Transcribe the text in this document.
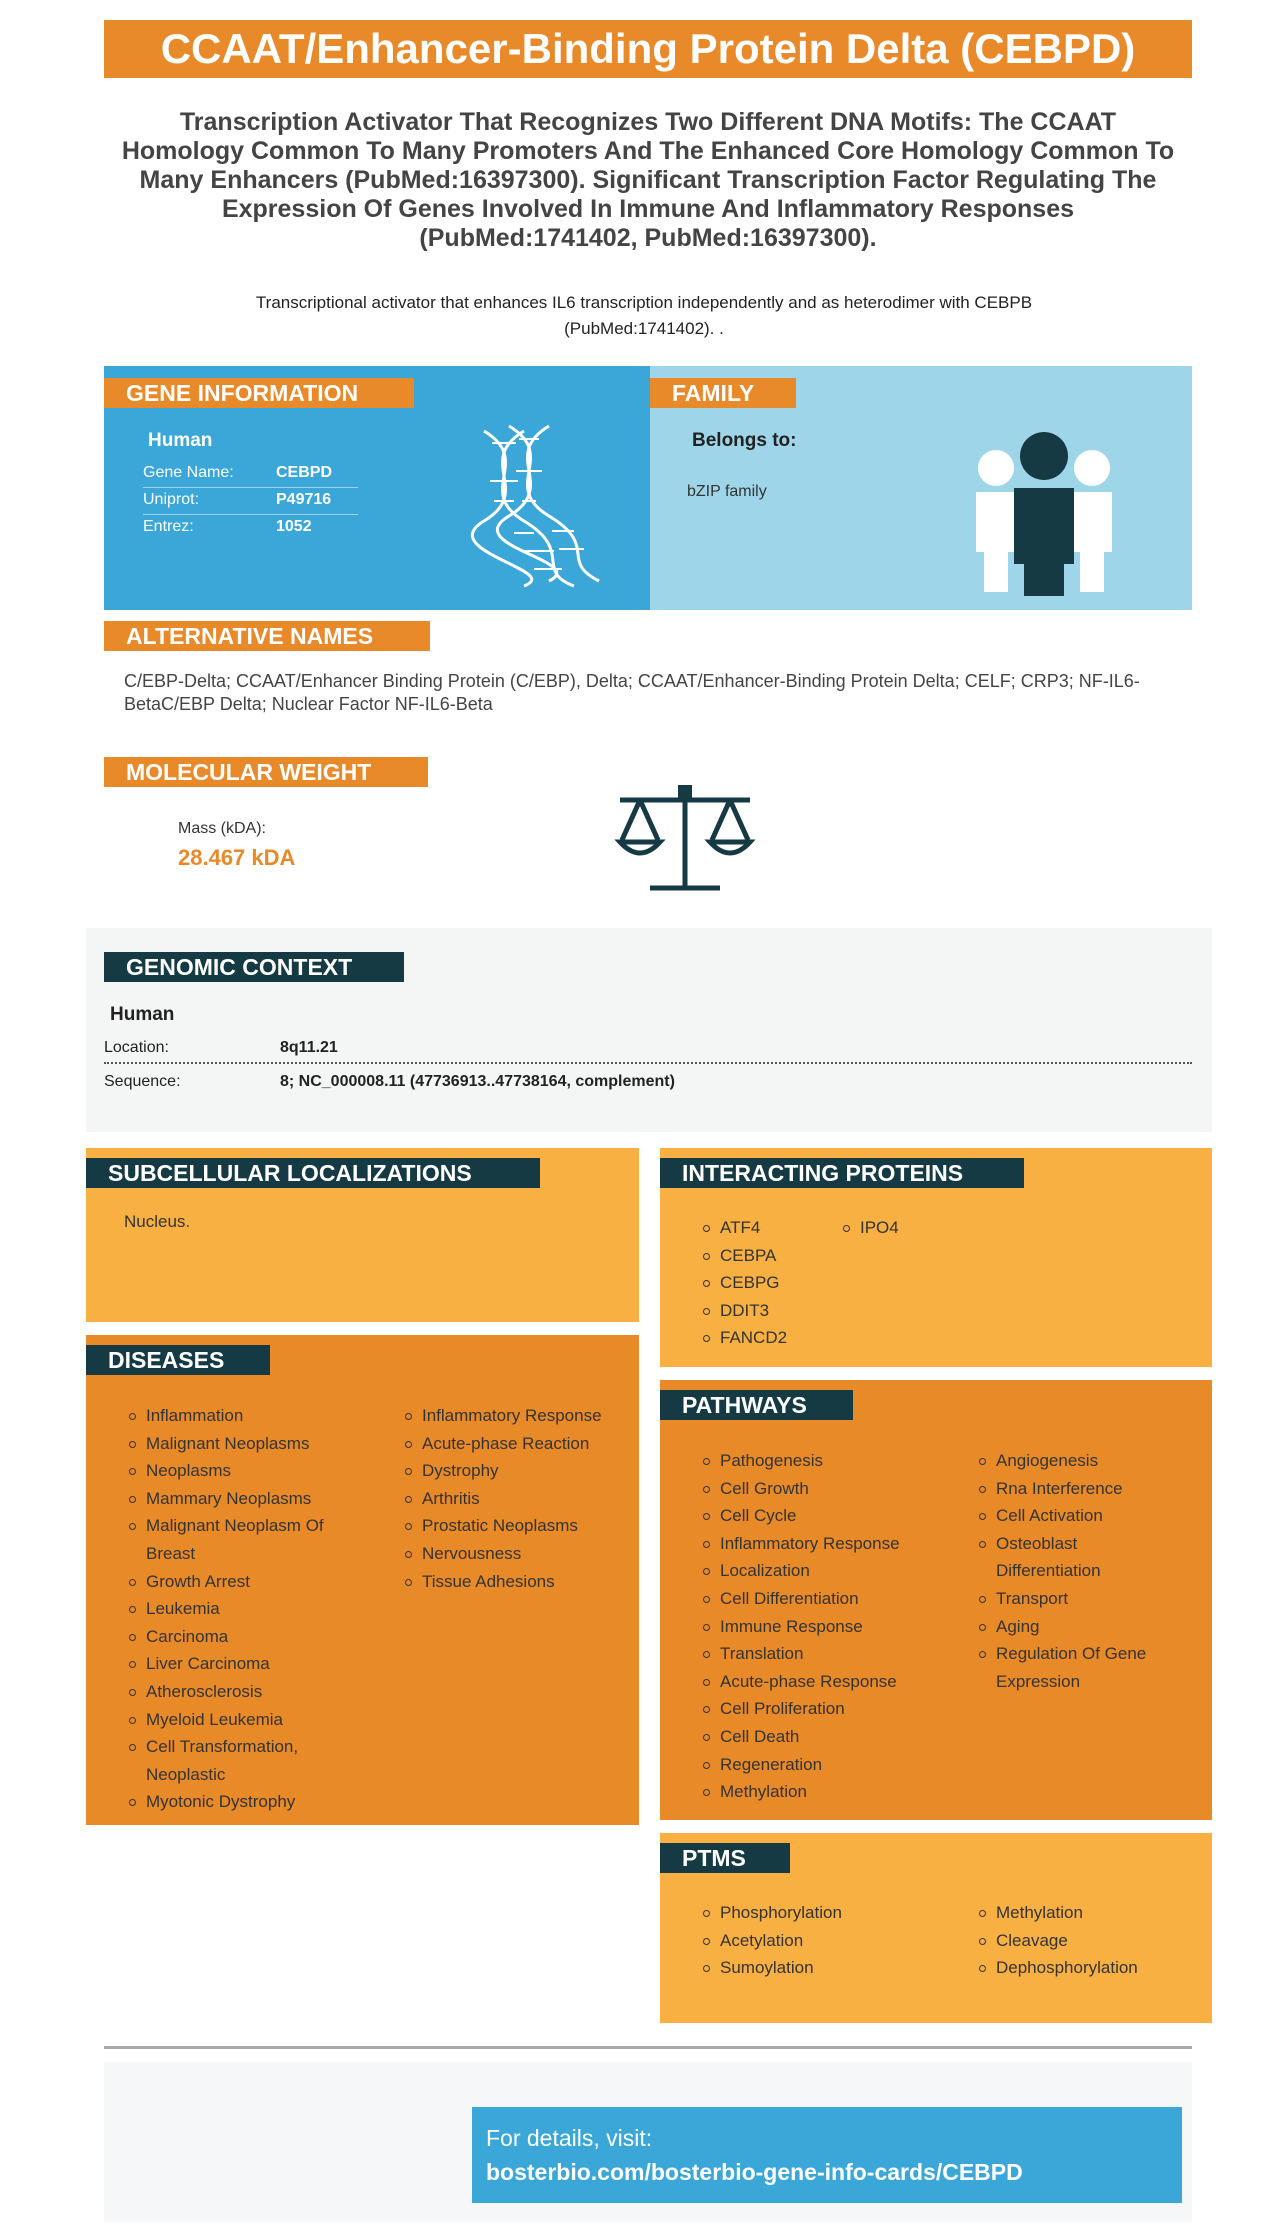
CCAAT/Enhancer-Binding Protein Delta (CEBPD)
Transcription Activator That Recognizes Two Different DNA Motifs: The CCAAT Homology Common To Many Promoters And The Enhanced Core Homology Common To Many Enhancers (PubMed:16397300). Significant Transcription Factor Regulating The Expression Of Genes Involved In Immune And Inflammatory Responses (PubMed:1741402, PubMed:16397300).
Transcriptional activator that enhances IL6 transcription independently and as heterodimer with CEBPB (PubMed:1741402). .
GENE INFORMATION
Human
Gene Name:	CEBPD
Uniprot:	P49716
Entrez:	1052
FAMILY
Belongs to:
bZIP family
ALTERNATIVE NAMES
C/EBP-Delta; CCAAT/Enhancer Binding Protein (C/EBP), Delta; CCAAT/Enhancer-Binding Protein Delta; CELF; CRP3; NF-IL6-BetaC/EBP Delta; Nuclear Factor NF-IL6-Beta
MOLECULAR WEIGHT
Mass (kDA):
28.467 kDA
GENOMIC CONTEXT
Human
Location:	8q11.21
Sequence:	8; NC_000008.11 (47736913..47738164, complement)
SUBCELLULAR LOCALIZATIONS
Nucleus.
DISEASES
Inflammation
Malignant Neoplasms
Neoplasms
Mammary Neoplasms
Malignant Neoplasm Of Breast
Growth Arrest
Leukemia
Carcinoma
Liver Carcinoma
Atherosclerosis
Myeloid Leukemia
Cell Transformation, Neoplastic
Myotonic Dystrophy
Inflammatory Response
Acute-phase Reaction
Dystrophy
Arthritis
Prostatic Neoplasms
Nervousness
Tissue Adhesions
INTERACTING PROTEINS
ATF4
CEBPA
CEBPG
DDIT3
FANCD2
IPO4
PATHWAYS
Pathogenesis
Cell Growth
Cell Cycle
Inflammatory Response
Localization
Cell Differentiation
Immune Response
Translation
Acute-phase Response
Cell Proliferation
Cell Death
Regeneration
Methylation
Angiogenesis
Rna Interference
Cell Activation
Osteoblast Differentiation
Transport
Aging
Regulation Of Gene Expression
PTMS
Phosphorylation
Acetylation
Sumoylation
Methylation
Cleavage
Dephosphorylation
For details, visit:
bosterbio.com/bosterbio-gene-info-cards/CEBPD
